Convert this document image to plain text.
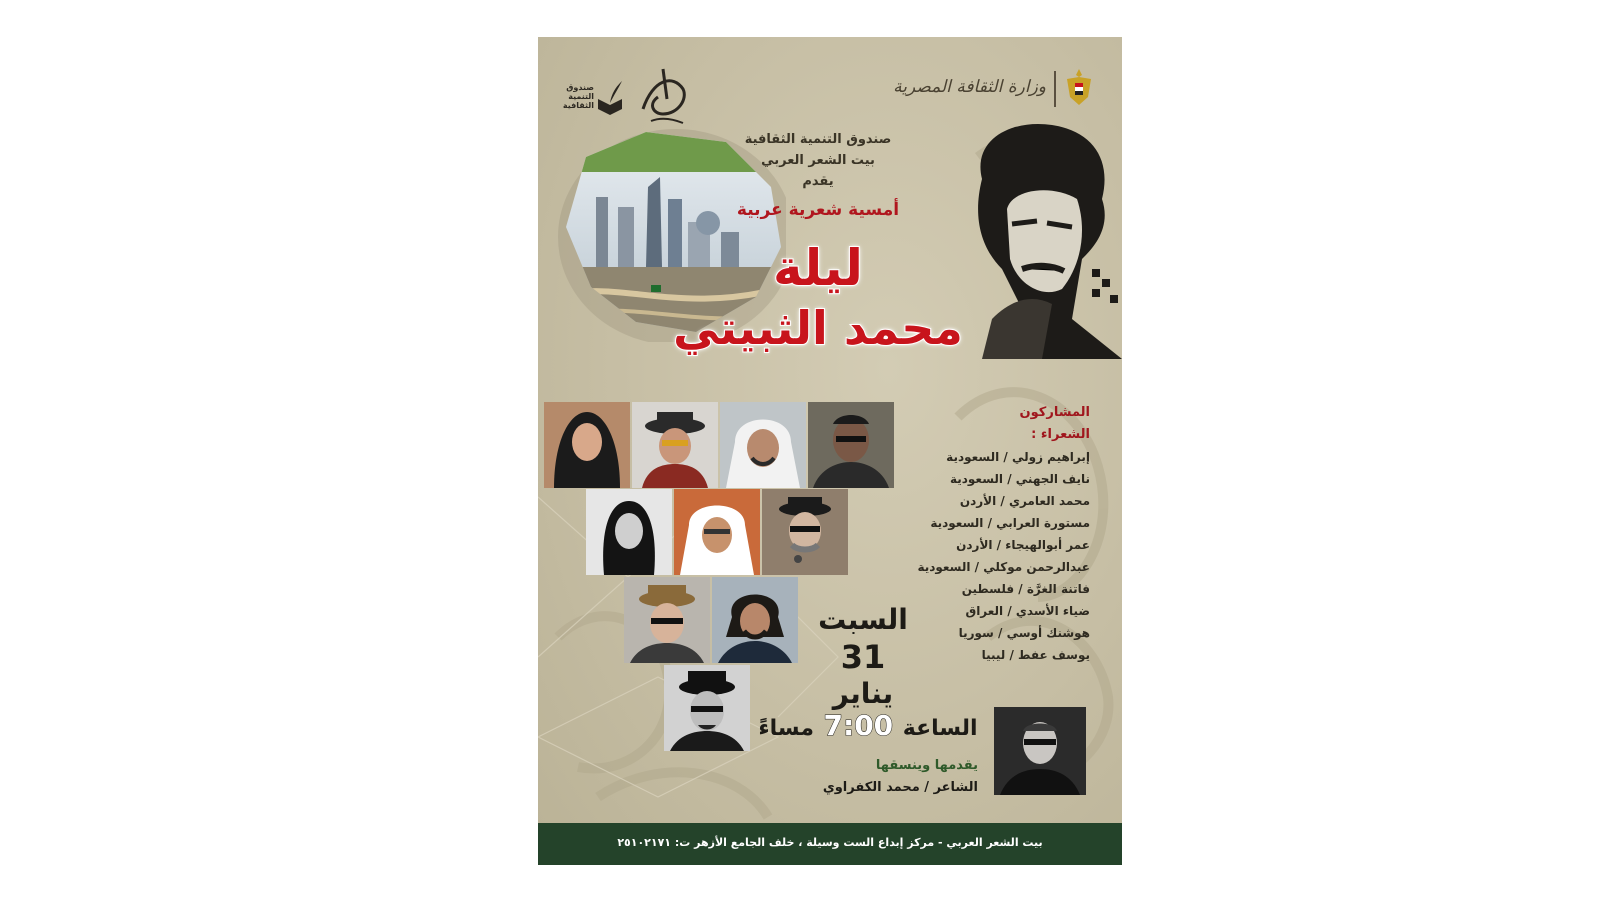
وزارة الثقافة المصرية
صندوق التنمية الثقافية
صندوق التنمية الثقافية
بيت الشعر العربي
يقدم
أمسية شعرية عربية
ليلة
محمد الثبيتي
المشاركون
الشعراء :
إبراهيم زولي / السعودية
نايف الجهني / السعودية
محمد العامري / الأردن
مستورة العرابي / السعودية
عمر أبوالهيجاء / الأردن
عبدالرحمن موكلي / السعودية
فاتنة الغرَّة / فلسطين
ضياء الأسدي / العراق
هوشنك أوسي / سوريا
يوسف عفط / ليبيا
السبت
31
يناير
الساعة 7:00 مساءً
يقدمها وينسقها
الشاعر / محمد الكفراوي
بيت الشعر العربي - مركز إبداع الست وسيلة ، خلف الجامع الأزهر ت: ٢٥١٠٢١٧١
